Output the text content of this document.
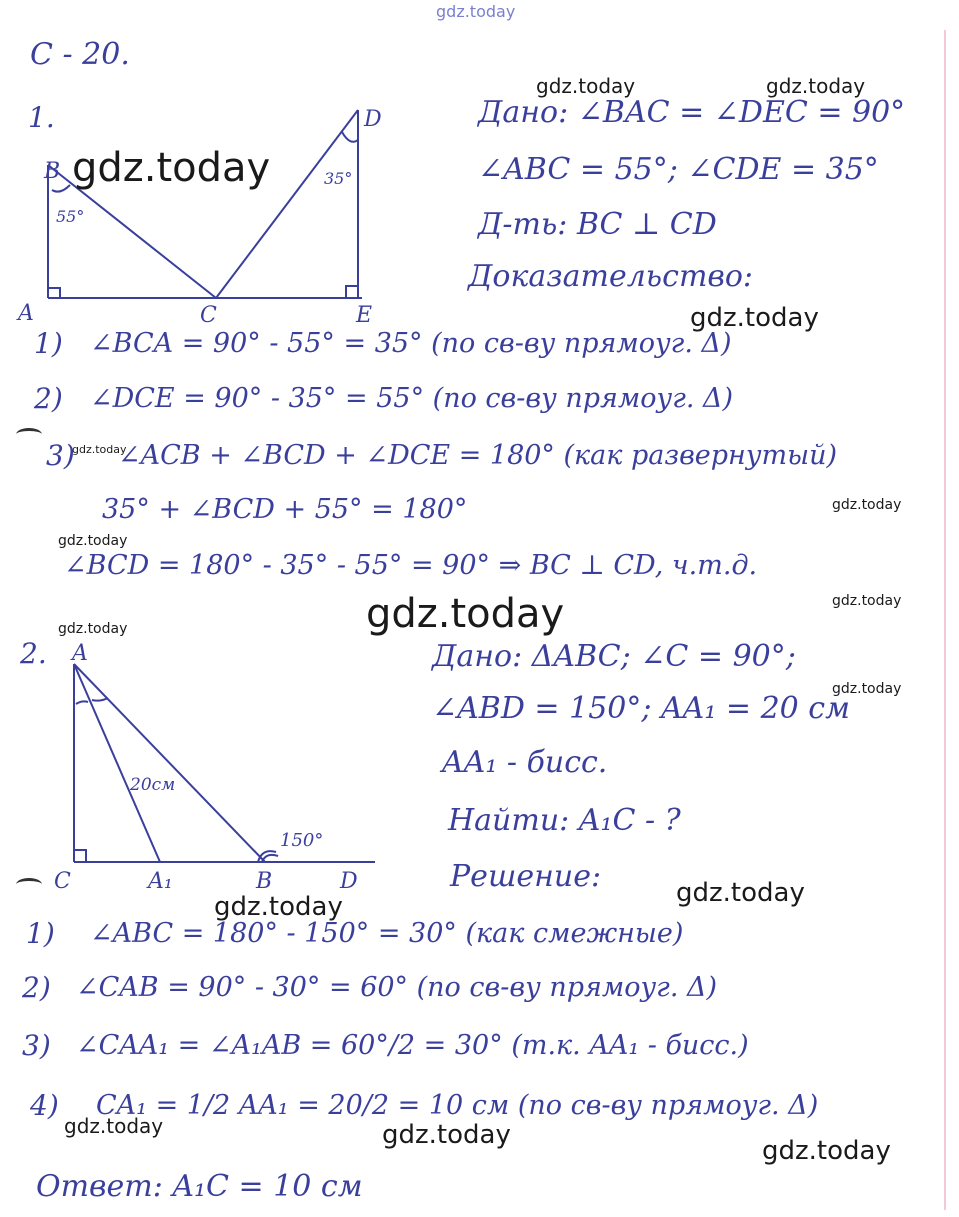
С - 20.
1.
B
A	C
D
E
55°
35°
Дано: ∠BAC = ∠DEC = 90°
∠ABC = 55°; ∠CDE = 35°
Д-ть: BC ⊥ CD
Доказательство:
1) ∠BCA = 90° - 55° = 35° (по св-ву прямоуг. Δ)
2) ∠DCE = 90° - 35° = 55° (по св-ву прямоуг. Δ)
3) ∠ACB + ∠BCD + ∠DCE = 180° (как развернутый)
35° + ∠BCD + 55° = 180°
∠BCD = 180° - 35° - 55° = 90° ⇒ BC ⊥ CD, ч.т.д.
2. A
C	A₁	B	D
20см
150°
Дано: ΔABC; ∠C = 90°;
∠ABD = 150°; AA₁ = 20 см
AA₁ - бисс.
Найти: A₁C - ?
Решение:
1) ∠ABC = 180° - 150° = 30° (как смежные)
2) ∠CAB = 90° - 30° = 60° (по св-ву прямоуг. Δ)
3) ∠CAA₁ = ∠A₁AB = 60°/2 = 30° (т.к. AA₁ - бисс.)
4) CA₁ = 1/2 AA₁ = 20/2 = 10 см (по св-ву прямоуг. Δ)
Ответ: A₁C = 10 см
gdz.today
gdz.today	gdz.today
gdz.today
gdz.today
gdz.today
gdz.today
gdz.today
gdz.today
gdz.today
gdz.today
gdz.today
gdz.today
gdz.today
gdz.today	gdz.today
gdz.today
